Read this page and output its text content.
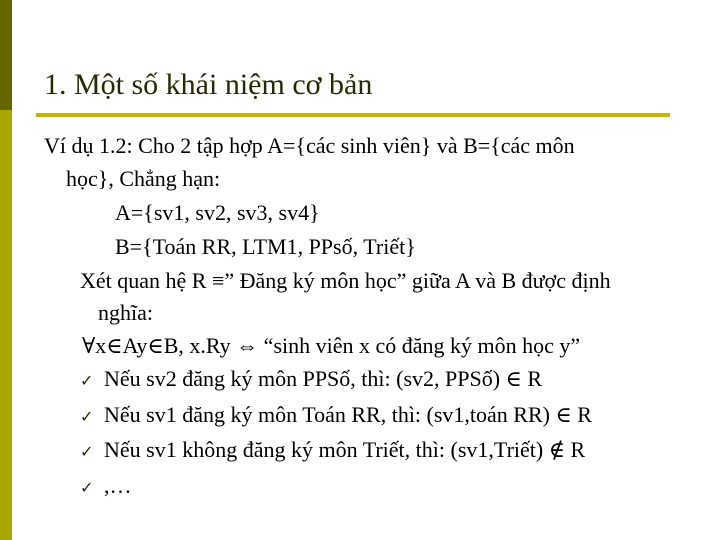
1. Một số khái niệm cơ bản
Ví dụ 1.2: Cho 2 tập hợp A={các sinh viên} và B={các môn
học}, Chẳng hạn:
A={sv1, sv2, sv3, sv4}
B={Toán RR, LTM1, PPsố, Triết}
Xét quan hệ R ≡” Đăng ký môn học” giữa A và B được định
nghĩa:
∀x∈Ay∈B, x.Ry ⇔ “sinh viên x có đăng ký môn học y”
✓ Nếu sv2 đăng ký môn PPSố, thì: (sv2, PPSố) ∈ R
✓ Nếu sv1 đăng ký môn Toán RR, thì: (sv1,toán RR) ∈ R
✓ Nếu sv1 không đăng ký môn Triết, thì: (sv1,Triết) ∉ R
✓ ,…
